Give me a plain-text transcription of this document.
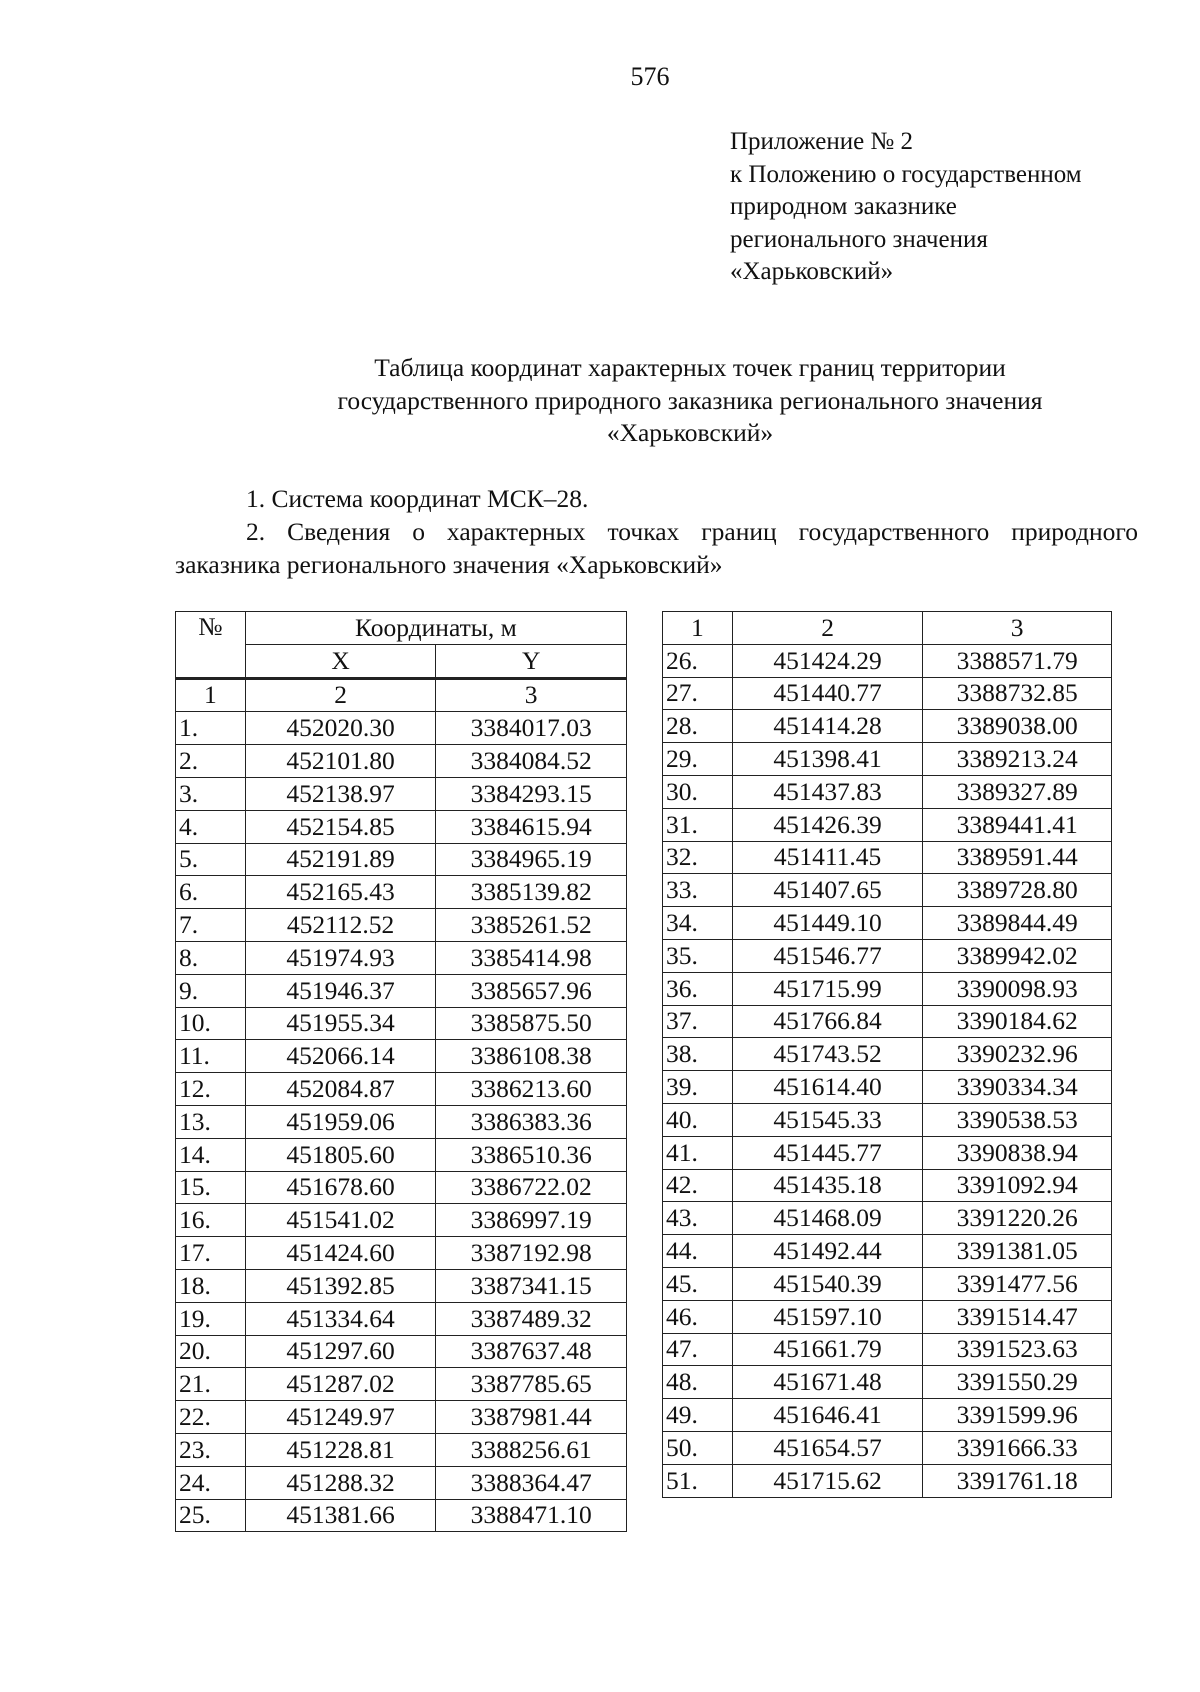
576
Приложение № 2
к Положению о государственном
природном заказнике
регионального значения
«Харьковский»
Таблица координат характерных точек границ территории
государственного природного заказника регионального значения
«Харьковский»
1. Система координат МСК–28.
2. Сведения о характерных точках границ государственного природного заказника регионального значения «Харьковский»
№	Координаты, м	
	X	Y
1	2	3
1.	452020.30	3384017.03
2.	452101.80	3384084.52
3.	452138.97	3384293.15
4.	452154.85	3384615.94
5.	452191.89	3384965.19
6.	452165.43	3385139.82
7.	452112.52	3385261.52
8.	451974.93	3385414.98
9.	451946.37	3385657.96
10.	451955.34	3385875.50
11.	452066.14	3386108.38
12.	452084.87	3386213.60
13.	451959.06	3386383.36
14.	451805.60	3386510.36
15.	451678.60	3386722.02
16.	451541.02	3386997.19
17.	451424.60	3387192.98
18.	451392.85	3387341.15
19.	451334.64	3387489.32
20.	451297.60	3387637.48
21.	451287.02	3387785.65
22.	451249.97	3387981.44
23.	451228.81	3388256.61
24.	451288.32	3388364.47
25.	451381.66	3388471.10
1	2	3
26.	451424.29	3388571.79
27.	451440.77	3388732.85
28.	451414.28	3389038.00
29.	451398.41	3389213.24
30.	451437.83	3389327.89
31.	451426.39	3389441.41
32.	451411.45	3389591.44
33.	451407.65	3389728.80
34.	451449.10	3389844.49
35.	451546.77	3389942.02
36.	451715.99	3390098.93
37.	451766.84	3390184.62
38.	451743.52	3390232.96
39.	451614.40	3390334.34
40.	451545.33	3390538.53
41.	451445.77	3390838.94
42.	451435.18	3391092.94
43.	451468.09	3391220.26
44.	451492.44	3391381.05
45.	451540.39	3391477.56
46.	451597.10	3391514.47
47.	451661.79	3391523.63
48.	451671.48	3391550.29
49.	451646.41	3391599.96
50.	451654.57	3391666.33
51.	451715.62	3391761.18
